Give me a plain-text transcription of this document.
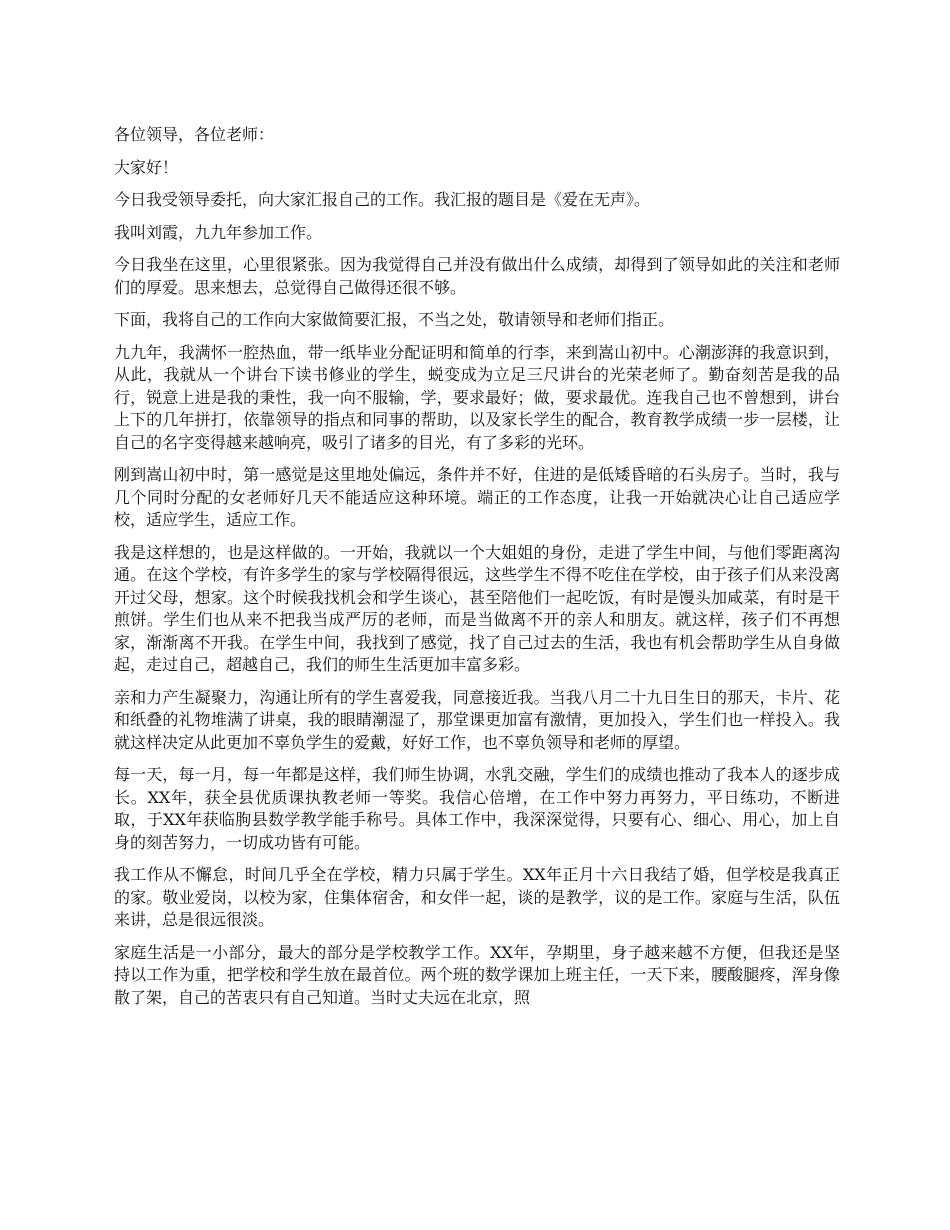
各位领导，各位老师：

大家好！

今日我受领导委托，向大家汇报自己的工作。我汇报的题目是《爱在无声》。

我叫刘霞，九九年参加工作。

今日我坐在这里，心里很紧张。因为我觉得自己并没有做出什么成绩，却得到了领导如此的关注和老师们的厚爱。思来想去，总觉得自己做得还很不够。

下面，我将自己的工作向大家做简要汇报，不当之处，敬请领导和老师们指正。

九九年，我满怀一腔热血，带一纸毕业分配证明和简单的行李，来到嵩山初中。心潮澎湃的我意识到，从此，我就从一个讲台下读书修业的学生，蜕变成为立足三尺讲台的光荣老师了。勤奋刻苦是我的品行，锐意上进是我的秉性，我一向不服输，学，要求最好；做，要求最优。连我自己也不曾想到，讲台上下的几年拼打，依靠领导的指点和同事的帮助，以及家长学生的配合，教育教学成绩一步一层楼，让自己的名字变得越来越响亮，吸引了诸多的目光，有了多彩的光环。

刚到嵩山初中时，第一感觉是这里地处偏远，条件并不好，住进的是低矮昏暗的石头房子。当时，我与几个同时分配的女老师好几天不能适应这种环境。端正的工作态度，让我一开始就决心让自己适应学校，适应学生，适应工作。

我是这样想的，也是这样做的。一开始，我就以一个大姐姐的身份，走进了学生中间，与他们零距离沟通。在这个学校，有许多学生的家与学校隔得很远，这些学生不得不吃住在学校，由于孩子们从来没离开过父母，想家。这个时候我找机会和学生谈心，甚至陪他们一起吃饭，有时是馒头加咸菜，有时是干煎饼。学生们也从来不把我当成严厉的老师，而是当做离不开的亲人和朋友。就这样，孩子们不再想家，渐渐离不开我。在学生中间，我找到了感觉，找了自己过去的生活，我也有机会帮助学生从自身做起，走过自己，超越自己，我们的师生生活更加丰富多彩。

亲和力产生凝聚力，沟通让所有的学生喜爱我，同意接近我。当我八月二十九日生日的那天，卡片、花和纸叠的礼物堆满了讲桌，我的眼睛潮湿了，那堂课更加富有激情，更加投入，学生们也一样投入。我就这样决定从此更加不辜负学生的爱戴，好好工作，也不辜负领导和老师的厚望。

每一天，每一月，每一年都是这样，我们师生协调，水乳交融，学生们的成绩也推动了我本人的逐步成长。XX年，获全县优质课执教老师一等奖。我信心倍增，在工作中努力再努力，平日练功，不断进取，于XX年获临朐县数学教学能手称号。具体工作中，我深深觉得，只要有心、细心、用心，加上自身的刻苦努力，一切成功皆有可能。

我工作从不懈怠，时间几乎全在学校，精力只属于学生。XX年正月十六日我结了婚，但学校是我真正的家。敬业爱岗，以校为家，住集体宿舍，和女伴一起，谈的是教学，议的是工作。家庭与生活，队伍来讲，总是很远很淡。

家庭生活是一小部分，最大的部分是学校教学工作。XX年，孕期里，身子越来越不方便，但我还是坚持以工作为重，把学校和学生放在最首位。两个班的数学课加上班主任，一天下来，腰酸腿疼，浑身像散了架，自己的苦衷只有自己知道。当时丈夫远在北京，照
